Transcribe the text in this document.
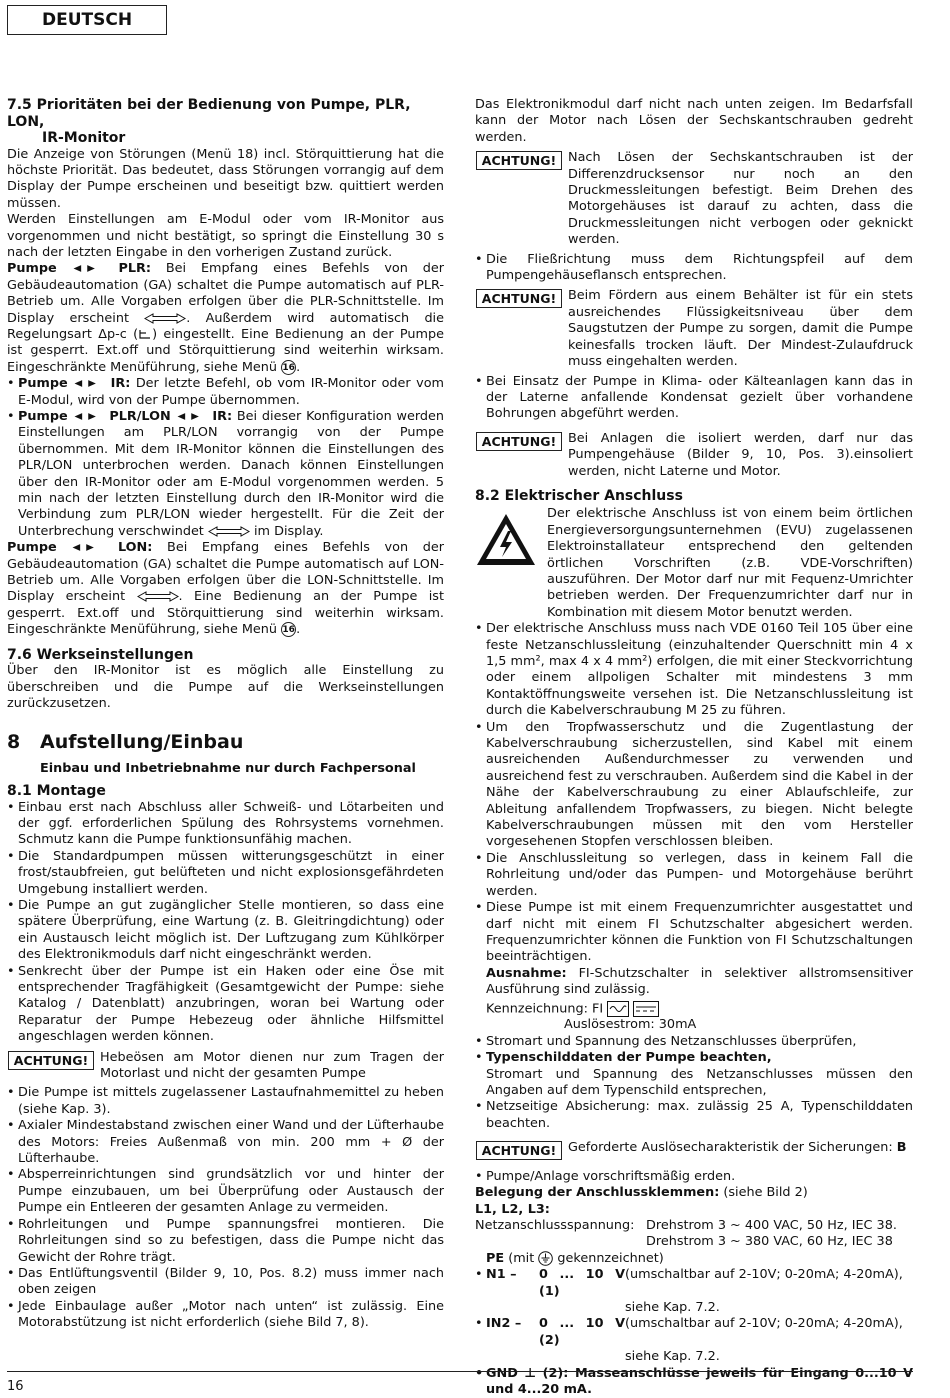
DEUTSCH
7.5 Prioritäten bei der Bedienung von Pumpe, PLR, LON,
IR-Monitor

Die Anzeige von Störungen (Menü 18) incl. Störquittierung hat die höchste Priorität. Das bedeutet, dass Störungen vorrangig auf dem Display der Pumpe erscheinen und beseitigt bzw. quittiert werden müssen.

Werden Einstellungen am E-Modul oder vom IR-Monitor aus vorgenommen und nicht bestätigt, so springt die Einstellung 30 s nach der letzten Eingabe in den vorherigen Zustand zurück.

Pumpe	PLR: Bei Empfang eines Befehls von der Gebäudeautomation (GA) schaltet die Pumpe automatisch auf PLR-Betrieb um. Alle Vorgaben erfolgen über die PLR-Schnittstelle. Im Display erscheint	. Außerdem wird automatisch die Regelungsart Δp-c ( ) eingestellt. Eine Bedienung an der Pumpe ist gesperrt. Ext.off und Störquittierung sind weiterhin wirksam. Eingeschränkte Menüführung, siehe Menü 16.

• Pumpe	IR: Der letzte Befehl, ob vom IR-Monitor oder vom E-Modul, wird von der Pumpe übernommen.
• Pumpe	PLR/LON	IR: Bei dieser Konfiguration werden Einstellungen am PLR/LON vorrangig von der Pumpe übernommen. Mit dem IR-Monitor können die Einstellungen des PLR/LON unterbrochen werden. Danach können Einstellungen über den IR-Monitor oder am E-Modul vorgenommen werden. 5 min nach der letzten Einstellung durch den IR-Monitor wird die Verbindung zum PLR/LON wieder hergestellt. Für die Zeit der Unterbrechung verschwindet	im Display.

Pumpe	LON: Bei Empfang eines Befehls von der Gebäudeautomation (GA) schaltet die Pumpe automatisch auf LON-Betrieb um. Alle Vorgaben erfolgen über die LON-Schnittstelle. Im Display erscheint	. Eine Bedienung an der Pumpe ist gesperrt. Ext.off und Störquittierung sind weiterhin wirksam. Eingeschränkte Menüführung, siehe Menü 16.

7.6 Werkseinstellungen

Über den IR-Monitor ist es möglich alle Einstellung zu überschreiben und die Pumpe auf die Werkseinstellungen zurückzusetzen.

8	Aufstellung/Einbau
Einbau und Inbetriebnahme nur durch Fachpersonal
8.1 Montage
• Einbau erst nach Abschluss aller Schweiß- und Lötarbeiten und der ggf. erforderlichen Spülung des Rohrsystems vornehmen. Schmutz kann die Pumpe funktionsunfähig machen.
• Die Standardpumpen müssen witterungsgeschützt in einer frost/staubfreien, gut belüfteten und nicht explosionsgefährdeten Umgebung installiert werden.
• Die Pumpe an gut zugänglicher Stelle montieren, so dass eine spätere Überprüfung, eine Wartung (z. B. Gleitringdichtung) oder ein Austausch leicht möglich ist. Der Luftzugang zum Kühlkörper des Elektronikmoduls darf nicht eingeschränkt werden.
• Senkrecht über der Pumpe ist ein Haken oder eine Öse mit entsprechender Tragfähigkeit (Gesamtgewicht der Pumpe: siehe Katalog / Datenblatt) anzubringen, woran bei Wartung oder Reparatur der Pumpe Hebezeug oder ähnliche Hilfsmittel angeschlagen werden können.
ACHTUNG! Hebeösen am Motor dienen nur zum Tragen der Motorlast und nicht der gesamten Pumpe
• Die Pumpe ist mittels zugelassener Lastaufnahmemittel zu heben (siehe Kap. 3).
• Axialer Mindestabstand zwischen einer Wand und der Lüfterhaube des Motors: Freies Außenmaß von min. 200 mm + Ø der Lüfterhaube.
• Absperreinrichtungen sind grundsätzlich vor und hinter der Pumpe einzubauen, um bei Überprüfung oder Austausch der Pumpe ein Entleeren der gesamten Anlage zu vermeiden.
• Rohrleitungen und Pumpe spannungsfrei montieren. Die Rohrleitungen sind so zu befestigen, dass die Pumpe nicht das Gewicht der Rohre trägt.
• Das Entlüftungsventil (Bilder 9, 10, Pos. 8.2) muss immer nach oben zeigen
• Jede Einbaulage außer „Motor nach unten“ ist zulässig. Eine Motorabstützung ist nicht erforderlich (siehe Bild 7, 8).

Das Elektronikmodul darf nicht nach unten zeigen. Im Bedarfsfall kann der Motor nach Lösen der Sechskantschrauben gedreht werden.

ACHTUNG! Nach Lösen der Sechskantschrauben ist der Differenzdrucksensor nur noch an den Druckmessleitungen befestigt. Beim Drehen des Motorgehäuses ist darauf zu achten, dass die Druckmessleitungen nicht verbogen oder geknickt werden.
• Die Fließrichtung muss dem Richtungspfeil auf dem Pumpengehäuseflansch entsprechen.
ACHTUNG! Beim Fördern aus einem Behälter ist für ein stets ausreichendes Flüssigkeitsniveau über dem Saugstutzen der Pumpe zu sorgen, damit die Pumpe keinesfalls trocken läuft. Der Mindest-Zulaufdruck muss eingehalten werden.
• Bei Einsatz der Pumpe in Klima- oder Kälteanlagen kann das in der Laterne anfallende Kondensat gezielt über vorhandene Bohrungen abgeführt werden.
ACHTUNG! Bei Anlagen die isoliert werden, darf nur das Pumpengehäuse (Bilder 9, 10, Pos. 3).einsoliert werden, nicht Laterne und Motor.
8.2 Elektrischer Anschluss

Der elektrische Anschluss ist von einem beim örtlichen Energieversorgungsunternehmen (EVU) zugelassenen Elektroinstallateur entsprechend den geltenden örtlichen Vorschriften (z.B. VDE-Vorschriften) auszuführen. Der Motor darf nur mit Fequenz-Umrichter betrieben werden. Der Frequenzumrichter darf nur in Kombination mit diesem Motor benutzt werden.

• Der elektrische Anschluss muss nach VDE 0160 Teil 105 über eine feste Netzanschlussleitung (einzuhaltender Querschnitt min 4 x 1,5 mm², max 4 x 4 mm²) erfolgen, die mit einer Steckvorrichtung oder einem allpoligen Schalter mit mindestens 3 mm Kontaktöffnungsweite versehen ist. Die Netzanschlussleitung ist durch die Kabelverschraubung M 25 zu führen.
• Um den Tropfwasserschutz und die Zugentlastung der Kabelverschraubung sicherzustellen, sind Kabel mit einem ausreichenden Außendurchmesser zu verwenden und ausreichend fest zu verschrauben. Außerdem sind die Kabel in der Nähe der Kabelverschraubung zu einer Ablaufschleife, zur Ableitung anfallendem Tropfwassers, zu biegen. Nicht belegte Kabelverschraubungen müssen mit den vom Hersteller vorgesehenen Stopfen verschlossen bleiben.
• Die Anschlussleitung so verlegen, dass in keinem Fall die Rohrleitung und/oder das Pumpen- und Motorgehäuse berührt werden.
• Diese Pumpe ist mit einem Frequenzumrichter ausgestattet und darf nicht mit einem FI Schutzschalter abgesichert werden. Frequenzumrichter können die Funktion von FI Schutzschaltungen beeinträchtigen.

Ausnahme: FI-Schutzschalter in selektiver allstromsensitiver Ausführung sind zulässig.

Kennzeichnung: FI
Auslösestrom: 30mA
• Stromart und Spannung des Netzanschlusses überprüfen,
• Typenschilddaten der Pumpe beachten,
Stromart und Spannung des Netzanschlusses müssen den Angaben auf dem Typenschild entsprechen,
• Netzseitige Absicherung: max. zulässig 25 A, Typenschilddaten beachten.
ACHTUNG! Geforderte Auslösecharakteristik der Sicherungen: B
• Pumpe/Anlage vorschriftsmäßig erden.
Belegung der Anschlussklemmen: (siehe Bild 2)
L1, L2, L3:
Netzanschlussspannung: Drehstrom 3 ~ 400 VAC, 50 Hz, IEC 38.
Drehstrom 3 ~ 380 VAC, 60 Hz, IEC 38
PE (mit gekennzeichnet)
• N1 –	0 ... 10 V (1)
(umschaltbar auf 2-10V; 0-20mA; 4-20mA),
siehe Kap. 7.2.
• IN2 –	0 ... 10 V (2)
(umschaltbar auf 2-10V; 0-20mA; 4-20mA),
siehe Kap. 7.2.
• GND ⊥ (2): Masseanschlüsse jeweils für Eingang 0...10 V und 4...20 mA.
16
